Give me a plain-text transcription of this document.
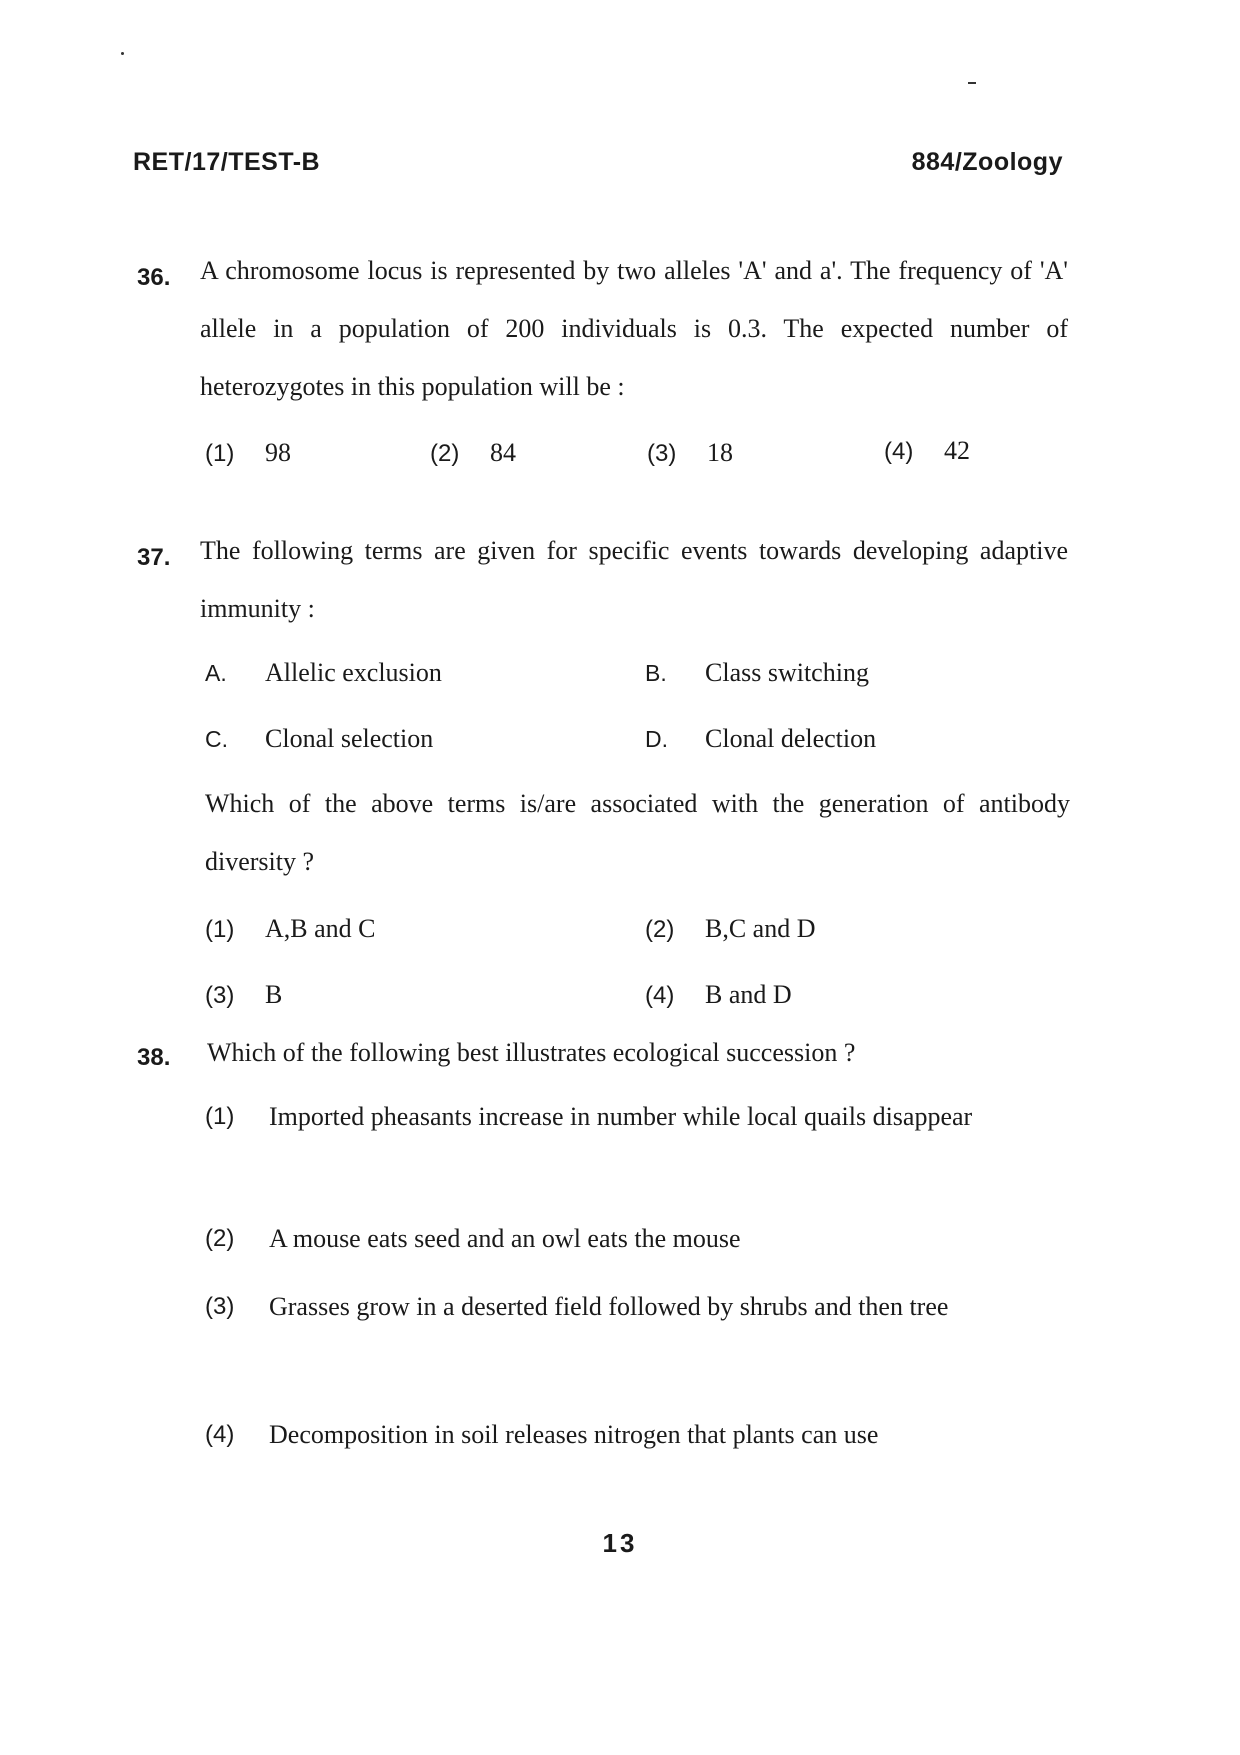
RET/17/TEST-B	884/Zoology
36. A chromosome locus is represented by two alleles 'A' and a'. The frequency of 'A' allele in a population of 200 individuals is 0.3. The expected number of heterozygotes in this population will be :
(1) 98	(2) 84	(3) 18	(4) 42
37. The following terms are given for specific events towards developing adaptive immunity :
A. Allelic exclusion	B. Class switching
C. Clonal selection	D. Clonal delection
Which of the above terms is/are associated with the generation of antibody diversity ?
(1) A,B and C	(2) B,C and D
(3) B	(4) B and D
38. Which of the following best illustrates ecological succession ?
(1) Imported pheasants increase in number while local quails disappear
(2) A mouse eats seed and an owl eats the mouse
(3) Grasses grow in a deserted field followed by shrubs and then tree
(4) Decomposition in soil releases nitrogen that plants can use
13
